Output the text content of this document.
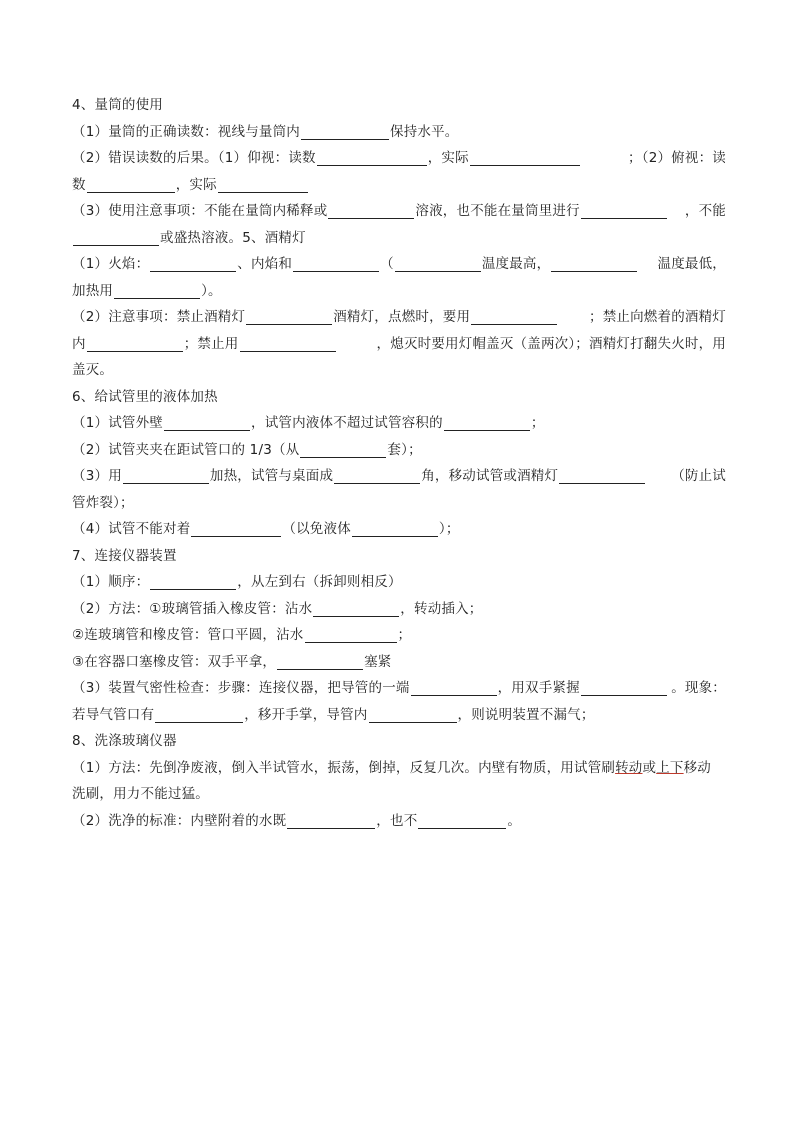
4、量筒的使用
（1）量筒的正确读数：视线与量筒内	保持水平。
（2）错误读数的后果。（1）仰视：读数	，实际	；（2）俯视：读
数	，实际
（3）使用注意事项：不能在量筒内稀释或	溶液，也不能在量筒里进行	，不能
或盛热溶液。5、酒精灯
（1）火焰：	、内焰和	（	温度最高，	温度最低，
加热用	）。
（2）注意事项：禁止酒精灯	酒精灯，点燃时，要用	；禁止向燃着的酒精灯
内	；禁止用	，熄灭时要用灯帽盖灭（盖两次）；酒精灯打翻失火时，用
盖灭。
6、给试管里的液体加热
（1）试管外壁	，试管内液体不超过试管容积的	；
（2）试管夹夹在距试管口的 1/3（从	套）；
（3）用	加热，试管与桌面成	角，移动试管或酒精灯	（防止试
管炸裂）；
（4）试管不能对着	（以免液体	）；
7、连接仪器装置
（1）顺序：	，从左到右（拆卸则相反）
（2）方法：①玻璃管插入橡皮管：沾水	，转动插入；
②连玻璃管和橡皮管：管口平圆，沾水	；
③在容器口塞橡皮管：双手平拿，	塞紧
（3）装置气密性检查：步骤：连接仪器，把导管的一端	，用双手紧握	。现象：
若导气管口有	，移开手掌，导管内	，则说明装置不漏气；
8、洗涤玻璃仪器
（1）方法：先倒净废液，倒入半试管水，振荡，倒掉，反复几次。内壁有物质，用试管刷转动或上下移动
洗刷，用力不能过猛。
（2）洗净的标准：内壁附着的水既	，也不	。
